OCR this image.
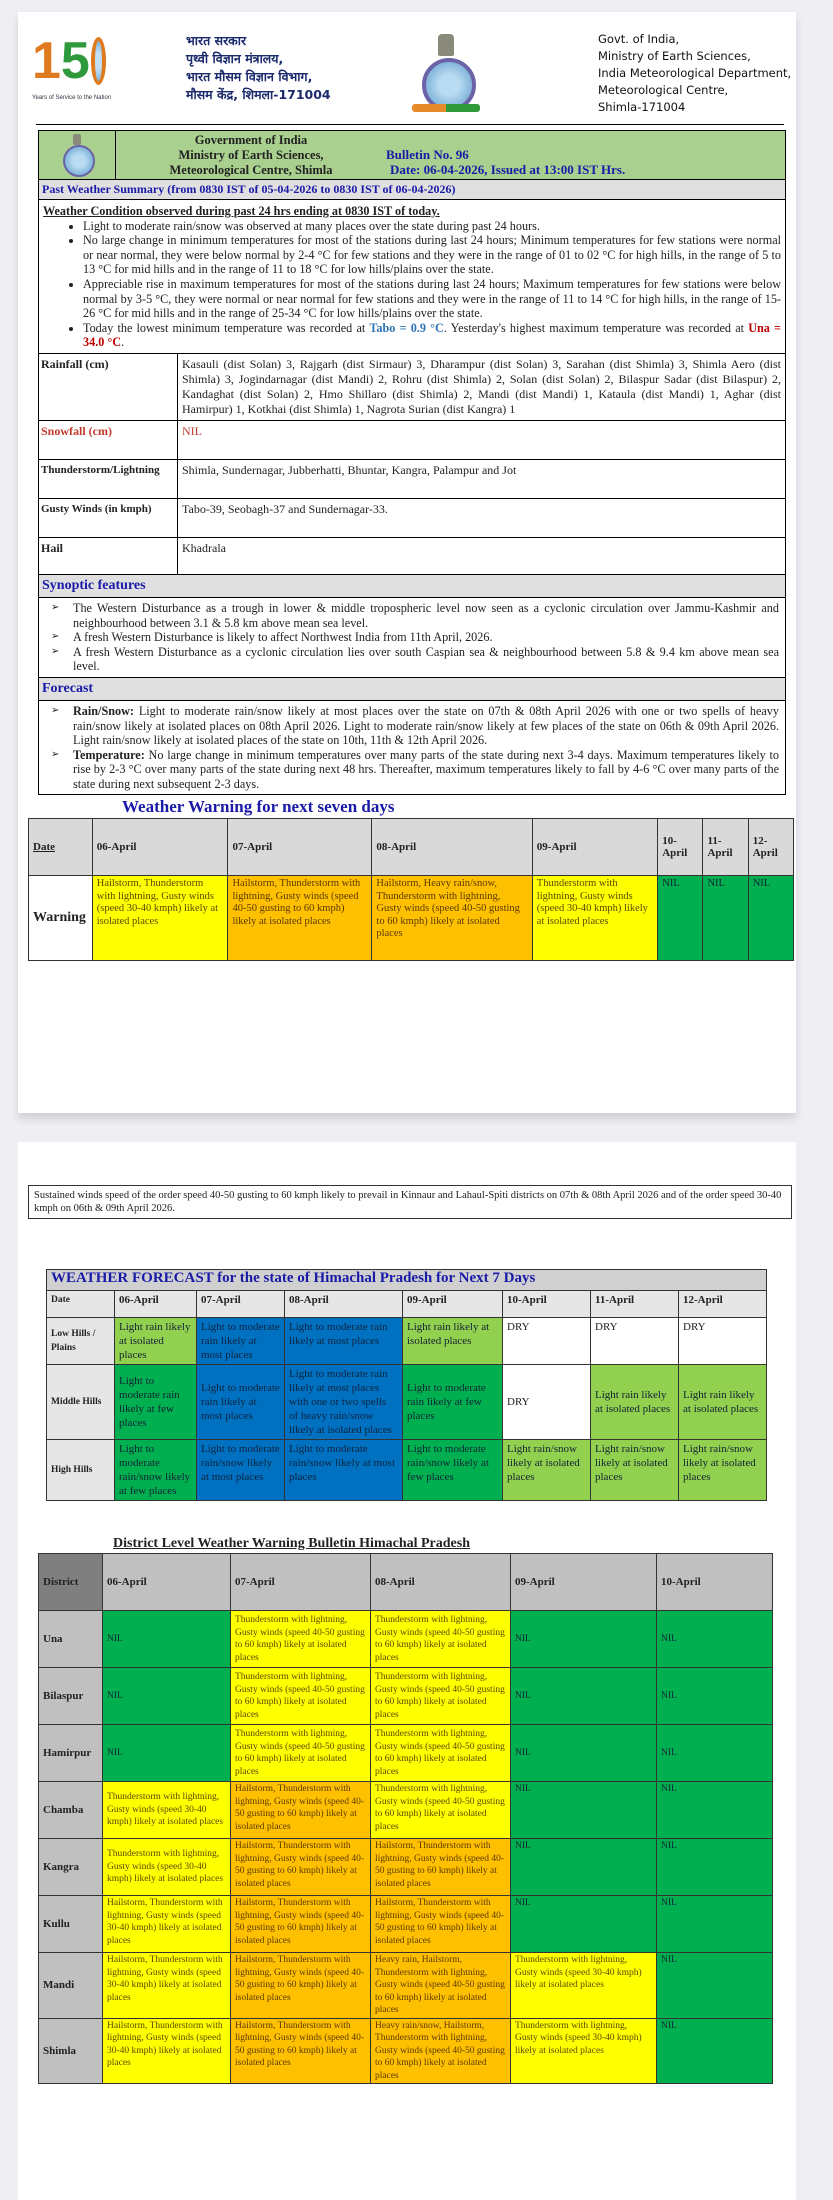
1 5
Years of Service to the Nation
भारत सरकार
पृथ्वी विज्ञान मंत्रालय,
भारत मौसम विज्ञान विभाग,
मौसम केंद्र, शिमला-171004
Govt. of India,
Ministry of Earth Sciences,
India Meteorological Department,
Meteorological Centre,
Shimla-171004
Government of India
Ministry of Earth Sciences,
Meteorological Centre, Shimla
Bulletin No. 96
Date: 06-04-2026, Issued at 13:00 IST Hrs.
Past Weather Summary (from 0830 IST of 05-04-2026 to 0830 IST of 06-04-2026)
Weather Condition observed during past 24 hrs ending at 0830 IST of today.
• Light to moderate rain/snow was observed at many places over the state during past 24 hours.
• No large change in minimum temperatures for most of the stations during last 24 hours; Minimum temperatures for few stations were normal or near normal, they were below normal by 2-4 °C for few stations and they were in the range of 01 to 02 °C for high hills, in the range of 5 to 13 °C for mid hills and in the range of 11 to 18 °C for low hills/plains over the state.
• Appreciable rise in maximum temperatures for most of the stations during last 24 hours; Maximum temperatures for few stations were below normal by 3-5 °C, they were normal or near normal for few stations and they were in the range of 11 to 14 °C for high hills, in the range of 15-26 °C for mid hills and in the range of 25-34 °C for low hills/plains over the state.
• Today the lowest minimum temperature was recorded at Tabo = 0.9 °C. Yesterday's highest maximum temperature was recorded at Una = 34.0 °C.
Rainfall (cm)	Kasauli (dist Solan) 3, Rajgarh (dist Sirmaur) 3, Dharampur (dist Solan) 3, Sarahan (dist Shimla) 3, Shimla Aero (dist Shimla) 3, Jogindarnagar (dist Mandi) 2, Rohru (dist Shimla) 2, Solan (dist Solan) 2, Bilaspur Sadar (dist Bilaspur) 2, Kandaghat (dist Solan) 2, Hmo Shillaro (dist Shimla) 2, Mandi (dist Mandi) 1, Kataula (dist Mandi) 1, Aghar (dist Hamirpur) 1, Kotkhai (dist Shimla) 1, Nagrota Surian (dist Kangra) 1
Snowfall (cm)	NIL
Thunderstorm/Lightning	Shimla, Sundernagar, Jubberhatti, Bhuntar, Kangra, Palampur and Jot
Gusty Winds (in kmph)	Tabo-39, Seobagh-37 and Sundernagar-33.
Hail	Khadrala
Synoptic features
➢ The Western Disturbance as a trough in lower & middle tropospheric level now seen as a cyclonic circulation over Jammu-Kashmir and neighbourhood between 3.1 & 5.8 km above mean sea level.
➢ A fresh Western Disturbance is likely to affect Northwest India from 11th April, 2026.
➢ A fresh Western Disturbance as a cyclonic circulation lies over south Caspian sea & neighbourhood between 5.8 & 9.4 km above mean sea level.
Forecast
➢ Rain/Snow: Light to moderate rain/snow likely at most places over the state on 07th & 08th April 2026 with one or two spells of heavy rain/snow likely at isolated places on 08th April 2026. Light to moderate rain/snow likely at few places of the state on 06th & 09th April 2026. Light rain/snow likely at isolated places of the state on 10th, 11th & 12th April 2026.
➢ Temperature: No large change in minimum temperatures over many parts of the state during next 3-4 days. Maximum temperatures likely to rise by 2-3 °C over many parts of the state during next 48 hrs. Thereafter, maximum temperatures likely to fall by 4-6 °C over many parts of the state during next subsequent 2-3 days.
Weather Warning for next seven days
Date	06-April	07-April	08-April	09-April	10-April	11-April	12-April
Warning	Hailstorm, Thunderstorm with lightning, Gusty winds (speed 30-40 kmph) likely at isolated places	Hailstorm, Thunderstorm with lightning, Gusty winds (speed 40-50 gusting to 60 kmph) likely at isolated places	Hailstorm, Heavy rain/snow, Thunderstorm with lightning, Gusty winds (speed 40-50 gusting to 60 kmph) likely at isolated places	Thunderstorm with lightning, Gusty winds (speed 30-40 kmph) likely at isolated places	NIL	NIL	NIL
Sustained winds speed of the order speed 40-50 gusting to 60 kmph likely to prevail in Kinnaur and Lahaul-Spiti districts on 07th & 08th April 2026 and of the order speed 30-40 kmph on 06th & 09th April 2026.
WEATHER FORECAST for the state of Himachal Pradesh for Next 7 Days							
Date	06-April	07-April	08-April	09-April	10-April	11-April	12-April
Low Hills / Plains	Light rain likely at isolated places	Light to moderate rain likely at most places	Light to moderate rain likely at most places	Light rain likely at isolated places	DRY	DRY	DRY
Middle Hills	Light to moderate rain likely at few places	Light to moderate rain likely at most places	Light to moderate rain likely at most places with one or two spells of heavy rain/snow likely at isolated places	Light to moderate rain likely at few places	DRY	Light rain likely at isolated places	Light rain likely at isolated places
High Hills	Light to moderate rain/snow likely at few places	Light to moderate rain/snow likely at most places	Light to moderate rain/snow likely at most places	Light to moderate rain/snow likely at few places	Light rain/snow likely at isolated places	Light rain/snow likely at isolated places	Light rain/snow likely at isolated places
District Level Weather Warning Bulletin Himachal Pradesh
District	06-April	07-April	08-April	09-April	10-April
Una	NIL	Thunderstorm with lightning, Gusty winds (speed 40-50 gusting to 60 kmph) likely at isolated places	Thunderstorm with lightning, Gusty winds (speed 40-50 gusting to 60 kmph) likely at isolated places	NIL	NIL
Bilaspur	NIL	Thunderstorm with lightning, Gusty winds (speed 40-50 gusting to 60 kmph) likely at isolated places	Thunderstorm with lightning, Gusty winds (speed 40-50 gusting to 60 kmph) likely at isolated places	NIL	NIL
Hamirpur	NIL	Thunderstorm with lightning, Gusty winds (speed 40-50 gusting to 60 kmph) likely at isolated places	Thunderstorm with lightning, Gusty winds (speed 40-50 gusting to 60 kmph) likely at isolated places	NIL	NIL
Chamba	Thunderstorm with lightning, Gusty winds (speed 30-40 kmph) likely at isolated places	Hailstorm, Thunderstorm with lightning, Gusty winds (speed 40-50 gusting to 60 kmph) likely at isolated places	Thunderstorm with lightning, Gusty winds (speed 40-50 gusting to 60 kmph) likely at isolated places	NIL	NIL
Kangra	Thunderstorm with lightning, Gusty winds (speed 30-40 kmph) likely at isolated places	Hailstorm, Thunderstorm with lightning, Gusty winds (speed 40-50 gusting to 60 kmph) likely at isolated places	Hailstorm, Thunderstorm with lightning, Gusty winds (speed 40-50 gusting to 60 kmph) likely at isolated places	NIL	NIL
Kullu	Hailstorm, Thunderstorm with lightning, Gusty winds (speed 30-40 kmph) likely at isolated places	Hailstorm, Thunderstorm with lightning, Gusty winds (speed 40-50 gusting to 60 kmph) likely at isolated places	Hailstorm, Thunderstorm with lightning, Gusty winds (speed 40-50 gusting to 60 kmph) likely at isolated places	NIL	NIL
Mandi	Hailstorm, Thunderstorm with lightning, Gusty winds (speed 30-40 kmph) likely at isolated places	Hailstorm, Thunderstorm with lightning, Gusty winds (speed 40-50 gusting to 60 kmph) likely at isolated places	Heavy rain, Hailstorm, Thunderstorm with lightning, Gusty winds (speed 40-50 gusting to 60 kmph) likely at isolated places	Thunderstorm with lightning, Gusty winds (speed 30-40 kmph) likely at isolated places	NIL
Shimla	Hailstorm, Thunderstorm with lightning, Gusty winds (speed 30-40 kmph) likely at isolated places	Hailstorm, Thunderstorm with lightning, Gusty winds (speed 40-50 gusting to 60 kmph) likely at isolated places	Heavy rain/snow, Hailstorm, Thunderstorm with lightning, Gusty winds (speed 40-50 gusting to 60 kmph) likely at isolated places	Thunderstorm with lightning, Gusty winds (speed 30-40 kmph) likely at isolated places	NIL
